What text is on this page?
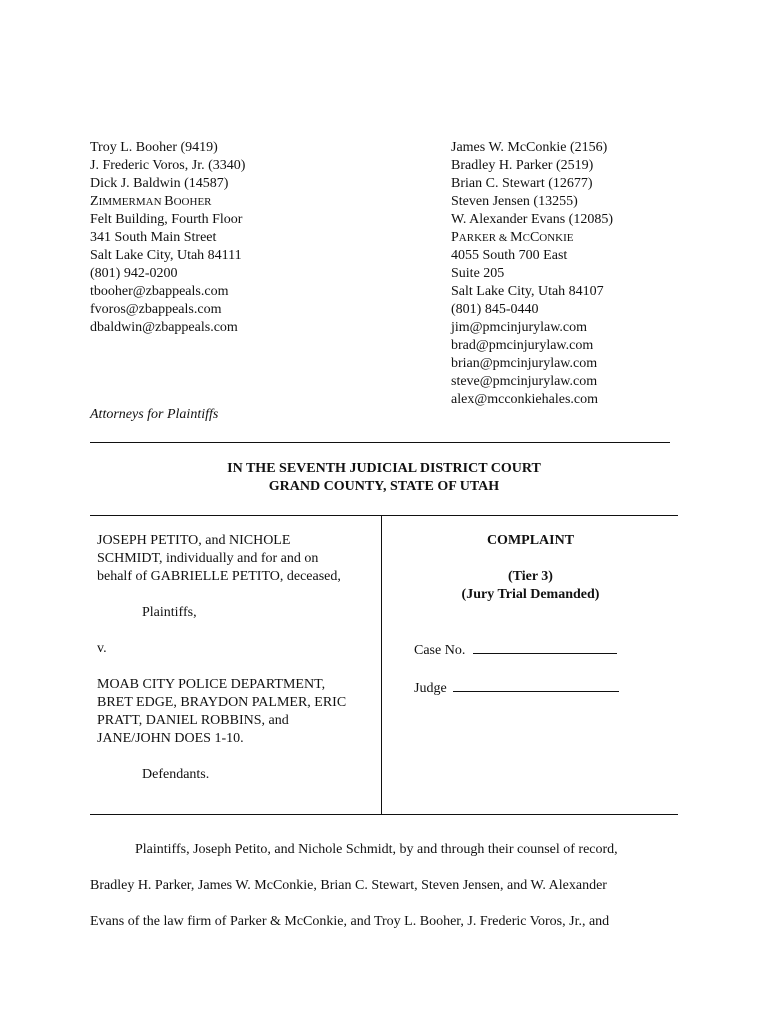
Troy L. Booher (9419)
J. Frederic Voros, Jr. (3340)
Dick J. Baldwin (14587)
ZIMMERMAN BOOHER
Felt Building, Fourth Floor
341 South Main Street
Salt Lake City, Utah 84111
(801) 942-0200
tbooher@zbappeals.com
fvoros@zbappeals.com
dbaldwin@zbappeals.com
James W. McConkie (2156)
Bradley H. Parker (2519)
Brian C. Stewart (12677)
Steven Jensen (13255)
W. Alexander Evans (12085)
PARKER & MCCONKIE
4055 South 700 East
Suite 205
Salt Lake City, Utah 84107
(801) 845-0440
jim@pmcinjurylaw.com
brad@pmcinjurylaw.com
brian@pmcinjurylaw.com
steve@pmcinjurylaw.com
alex@mcconkiehales.com
Attorneys for Plaintiffs
IN THE SEVENTH JUDICIAL DISTRICT COURT
GRAND COUNTY, STATE OF UTAH
JOSEPH PETITO, and NICHOLE
SCHMIDT, individually and for and on
behalf of GABRIELLE PETITO, deceased,
Plaintiffs,
v.
MOAB CITY POLICE DEPARTMENT,
BRET EDGE, BRAYDON PALMER, ERIC
PRATT, DANIEL ROBBINS, and
JANE/JOHN DOES 1-10.
Defendants.
COMPLAINT
(Tier 3)
(Jury Trial Demanded)
Case No.
Judge
Plaintiffs, Joseph Petito, and Nichole Schmidt, by and through their counsel of record,
Bradley H. Parker, James W. McConkie, Brian C. Stewart, Steven Jensen, and W. Alexander
Evans of the law firm of Parker & McConkie, and Troy L. Booher, J. Frederic Voros, Jr., and
